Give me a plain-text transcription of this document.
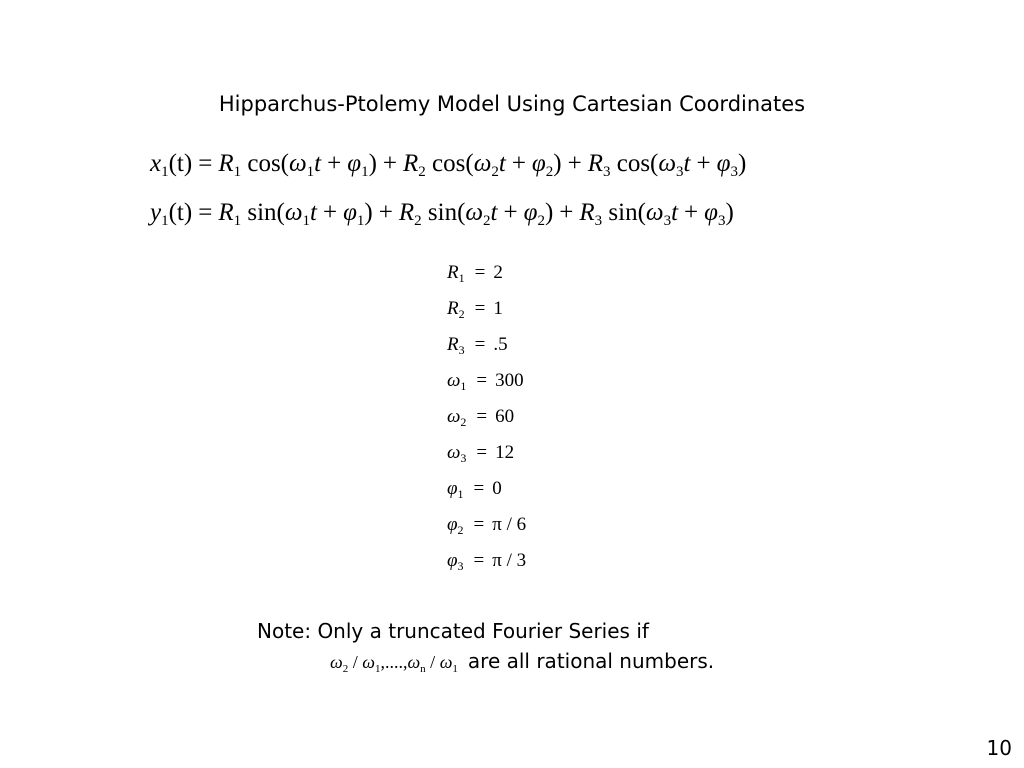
Hipparchus-Ptolemy Model Using Cartesian Coordinates
$x_1(t) = R_1$ $\cos(\omega_1t + \varphi_1) + R_2$ $\cos(\omega_2t + \varphi_2) + R_3$ $\cos(\omega_3t + \varphi_3)$
$y_1(t) = R_1$ $\sin(\omega_1t + \varphi_1) + R_2$ $\sin(\omega_2t + \varphi_2) + R_3$ $\sin(\omega_3t + \varphi_3)$
$R_1 = 2$
$R_2 = 1$
$R_3 = .5$
$\omega_1 = 300$
$\omega_2 = 60$
$\omega_3 = 12$
$\varphi_1 = 0$
$\varphi_2 = \pi / 6$
$\varphi_3 = \pi / 3$
Note: Only a truncated Fourier Series if
$\omega_2 / \omega_1,....,\omega_n / \omega_1$ are all rational numbers.
10
